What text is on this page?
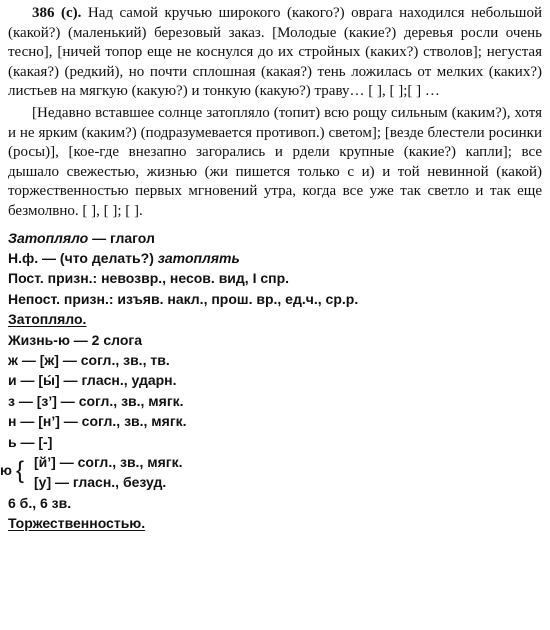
386 (с). Над самой кручью широкого (какого?) оврага находился небольшой (какой?) (маленький) березовый заказ. [Молодые (какие?) деревья росли очень тесно], [ничей топор еще не коснулся до их стройных (каких?) стволов]; негустая (какая?) (редкий), но почти сплошная (какая?) тень ложилась от мелких (каких?) листьев на мягкую (какую?) и тонкую (какую?) траву… [ ], [ ];[ ] …

[Недавно вставшее солнце затопляло (топит) всю рощу сильным (каким?), хотя и не ярким (каким?) (подразумевается противоп.) светом]; [везде блестели росинки (росы)], [кое-где внезапно загорались и рдели крупные (какие?) капли]; все дышало свежестью, жизнью (жи пишется только с и) и той невинной (какой) торжественностью первых мгновений утра, когда все уже так светло и так еще безмолвно. [ ], [ ]; [ ].

Затопляло — глагол
Н.ф. — (что делать?) затоплять
Пост. призн.: невозвр., несов. вид, I спр.
Непост. призн.: изъяв. накл., прош. вр., ед.ч., ср.р.
Затопляло.
Жизнь-ю — 2 слога
ж — [ж] — согл., зв., тв.
и — [ы́] — гласн., ударн.
з — [з’] — согл., зв., мягк.
н — [н’] — согл., зв., мягк.
ь — [-]
ю { [й’] — согл., зв., мягк.
[у] — гласн., безуд.
6 б., 6 зв.
Торжественностью.
